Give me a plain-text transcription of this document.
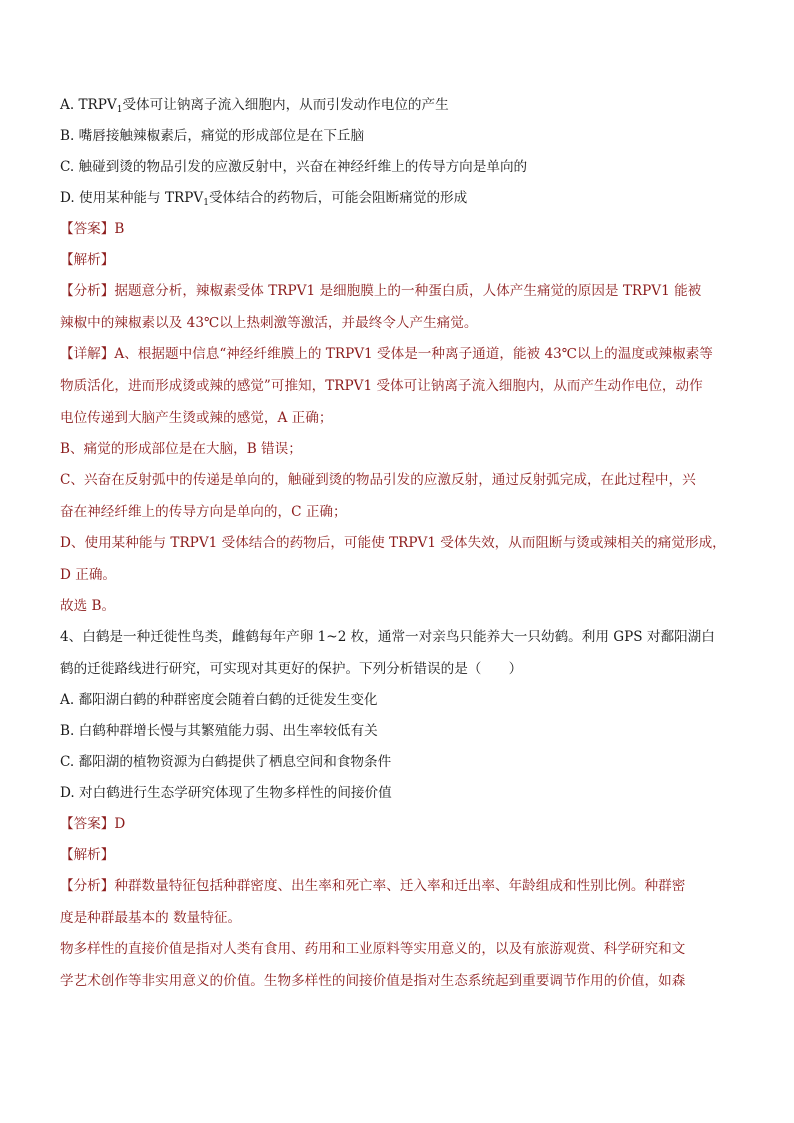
A. $TRPV_1$受体可让钠离子流入细胞内，从而引发动作电位的产生
B. 嘴唇接触辣椒素后，痛觉的形成部位是在下丘脑
C. 触碰到烫的物品引发的应激反射中，兴奋在神经纤维上的传导方向是单向的
D. 使用某种能与 $TRPV_1$受体结合的药物后，可能会阻断痛觉的形成
【答案】B
【解析】
【分析】据题意分析，辣椒素受体 TRPV1 是细胞膜上的一种蛋白质，人体产生痛觉的原因是 TRPV1 能被
辣椒中的辣椒素以及 43℃以上热刺激等激活，并最终令人产生痛觉。
【详解】A、根据题中信息“神经纤维膜上的 TRPV1 受体是一种离子通道，能被 43℃以上的温度或辣椒素等
物质活化，进而形成烫或辣的感觉”可推知，TRPV1 受体可让钠离子流入细胞内，从而产生动作电位，动作
电位传递到大脑产生烫或辣的感觉，A 正确；
B、痛觉的形成部位是在大脑，B 错误；
C、兴奋在反射弧中的传递是单向的，触碰到烫的物品引发的应激反射，通过反射弧完成，在此过程中，兴
奋在神经纤维上的传导方向是单向的，C 正确；
D、使用某种能与 TRPV1 受体结合的药物后，可能使 TRPV1 受体失效，从而阻断与烫或辣相关的痛觉形成，
D 正确。
故选 B。
4、白鹤是一种迁徙性鸟类，雌鹤每年产卵 1~2 枚，通常一对亲鸟只能养大一只幼鹤。利用 GPS 对鄱阳湖白
鹤的迁徙路线进行研究，可实现对其更好的保护。下列分析错误的是（　　）
A. 鄱阳湖白鹤的种群密度会随着白鹤的迁徙发生变化
B. 白鹤种群增长慢与其繁殖能力弱、出生率较低有关
C. 鄱阳湖的植物资源为白鹤提供了栖息空间和食物条件
D. 对白鹤进行生态学研究体现了生物多样性的间接价值
【答案】D
【解析】
【分析】种群数量特征包括种群密度、出生率和死亡率、迁入率和迁出率、年龄组成和性别比例。种群密
度是种群最基本的 数量特征。
物多样性的直接价值是指对人类有食用、药用和工业原料等实用意义的，以及有旅游观赏、科学研究和文
学艺术创作等非实用意义的价值。生物多样性的间接价值是指对生态系统起到重要调节作用的价值，如森
